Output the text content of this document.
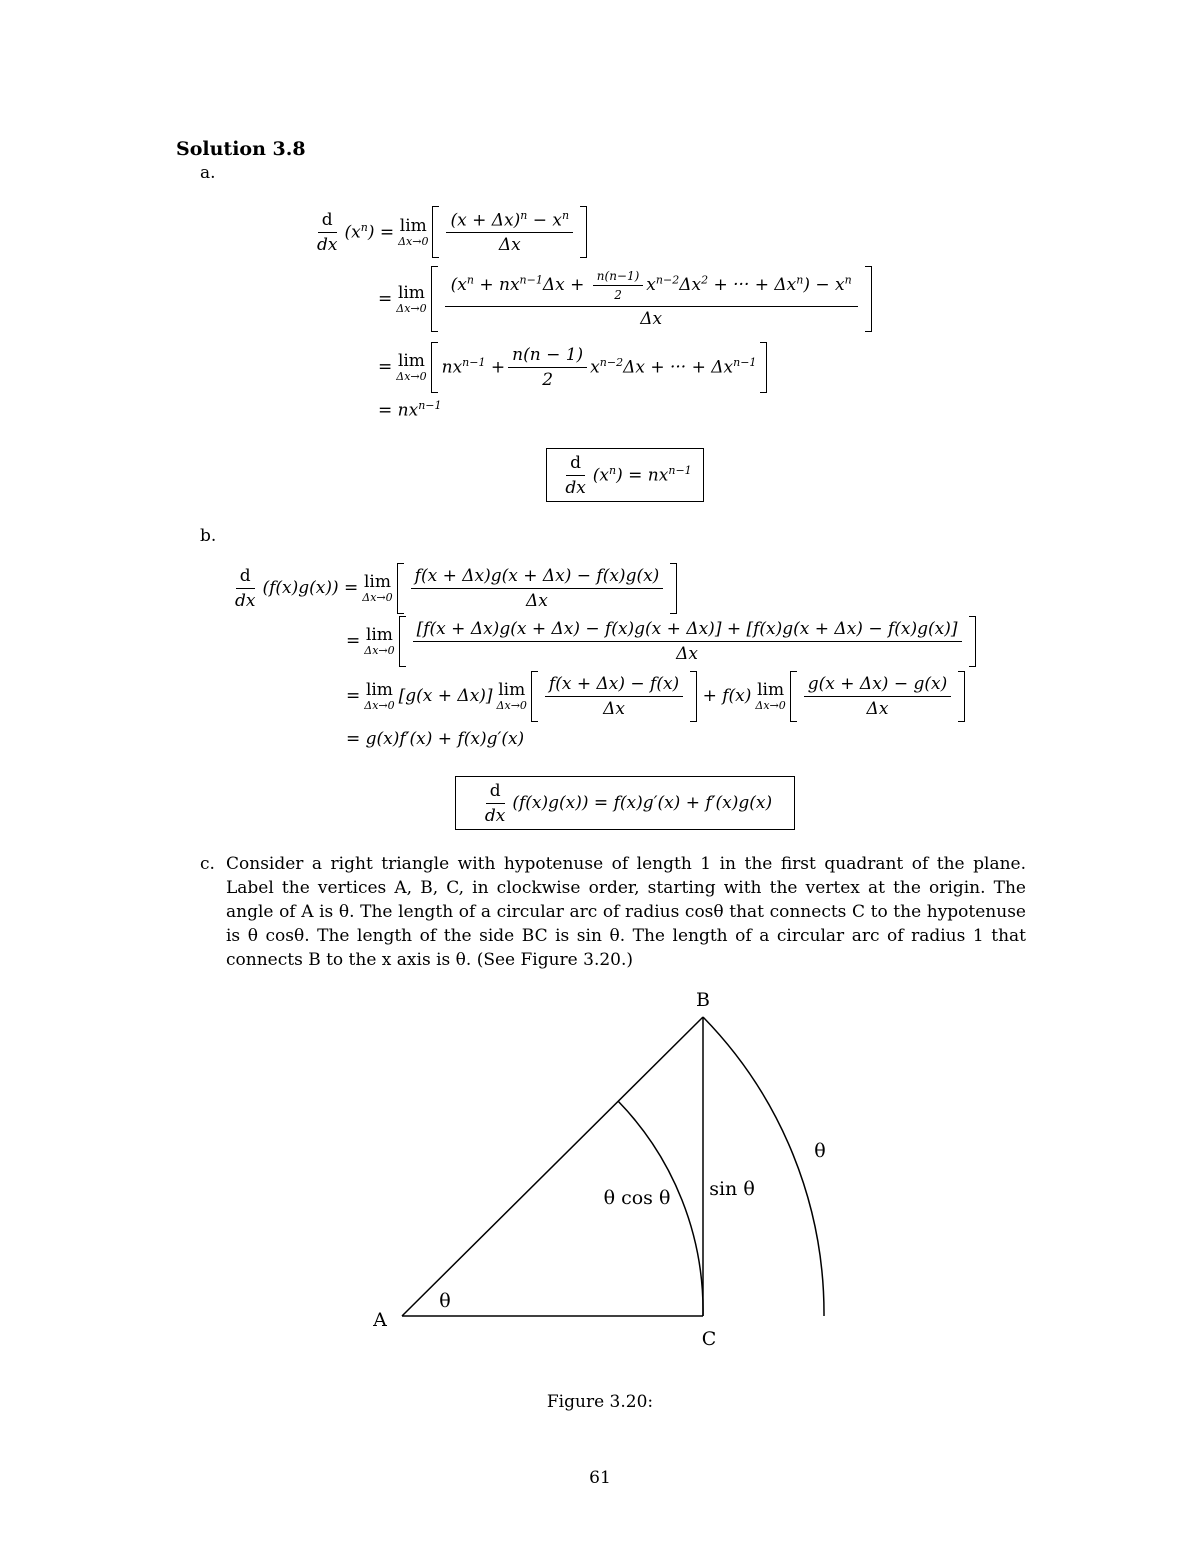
Solution 3.8
a.
$\frac{d}{dx} (x^n) = \lim$
$\Delta x\to 0 \frac{(x + \Delta x)^n - x^n}{\Delta x}$
= lim
$\Delta x\to 0 \frac{(x^n + nx^{n-1}\Delta x + \frac{n(n-1)}{2} x^{n-2}\Delta x^2 + \cdot\cdot\cdot + \Delta x^n) - x^n}{\Delta x}$
= lim
Δx→0 $nx^{n-1} + \frac{n(n - 1)}{2} x^{n-2}\Delta x$ + ··· + $\Delta x^{n-1}$
= $nx^{n-1}$
$\frac{d}{dx} (x^n) = nx^{n-1}$
b.
$\frac{d}{dx} (f(x)g(x)) = \lim$
$\Delta x\to 0 \frac{f(x + \Delta x)g(x + \Delta x) - f(x)g(x)}{\Delta x}$
= lim
Δx→0
[f(x + Δx)g(x + Δx) − f(x)g(x + Δx)] + [f(x)g(x + Δx) − f(x)g(x)]
Δx
= lim
Δx→0 [g(x + Δx)] lim
$\Delta x\to 0 \frac{f(x + \Delta x) - f(x)}{\Delta x} + f(x)$ lim
$\Delta x\to 0 \frac{g(x + \Delta x) - g(x)}{\Delta x}$
= g(x)f′(x) + f(x)g′(x)
$\frac{d}{dx} (f(x)g(x)) = f(x)g'(x) + f'(x)g(x)$
c. Consider a right triangle with hypotenuse of length 1 in the first quadrant of the plane. Label the vertices A, B, C, in clockwise order, starting with the vertex at the origin. The angle of A is θ. The length of a circular arc of radius cosθ that connects C to the hypotenuse is θ cosθ. The length of the side BC is sin θ. The length of a circular arc of radius 1 that connects B to the x axis is θ. (See Figure 3.20.)
A
B
C
θ
θ cos θ sin θ
θ
Figure 3.20:
61
